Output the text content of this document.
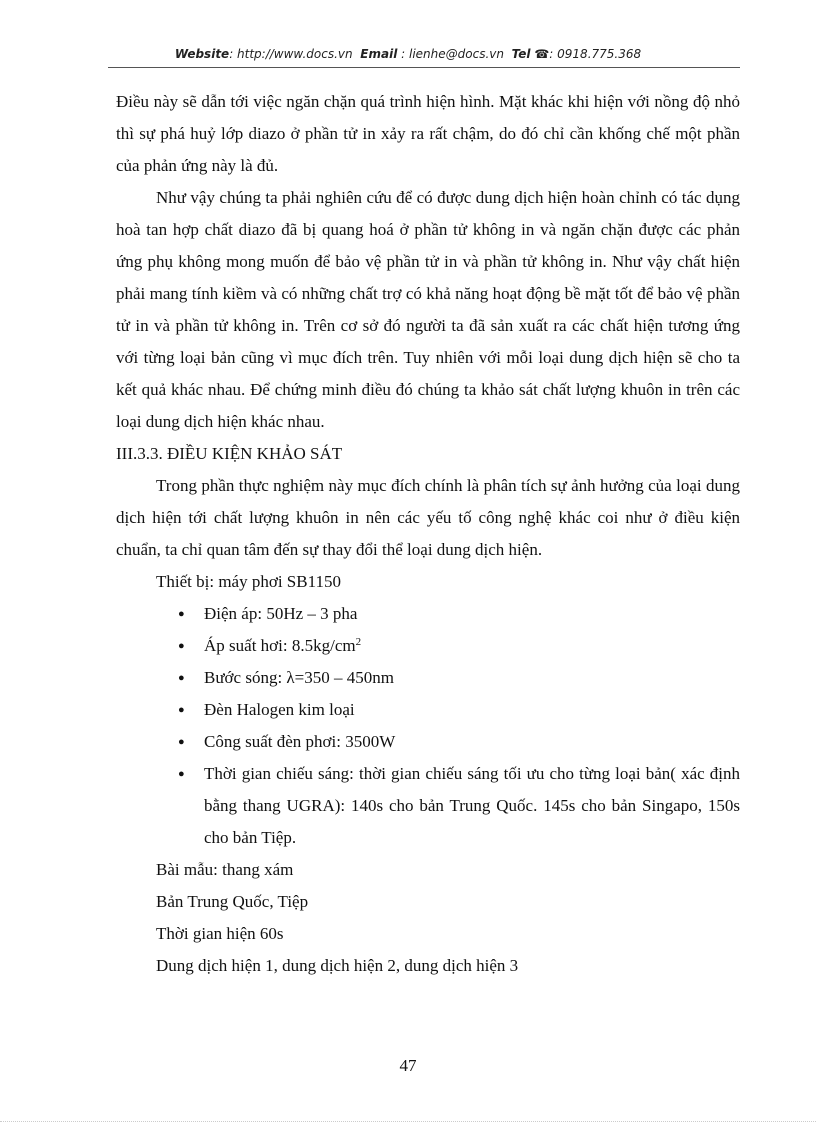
Website: http://www.docs.vn Email : lienhe@docs.vn Tel ☎: 0918.775.368

Điều này sẽ dẫn tới việc ngăn chặn quá trình hiện hình. Mặt khác khi hiện với nồng độ nhỏ thì sự phá huỷ lớp diazo ở phần tử in xảy ra rất chậm, do đó chỉ cần khống chế một phần của phản ứng này là đủ.

Như vậy chúng ta phải nghiên cứu để có được dung dịch hiện hoàn chỉnh có tác dụng hoà tan hợp chất diazo đã bị quang hoá ở phần tử không in và ngăn chặn được các phản ứng phụ không mong muốn để bảo vệ phần tử in và phần tử không in. Như vậy chất hiện phải mang tính kiềm và có những chất trợ có khả năng hoạt động bề mặt tốt để bảo vệ phần tử in và phần tử không in. Trên cơ sở đó người ta đã sản xuất ra các chất hiện tương ứng với từng loại bản cũng vì mục đích trên. Tuy nhiên với mỗi loại dung dịch hiện sẽ cho ta kết quả khác nhau. Để chứng minh điều đó chúng ta khảo sát chất lượng khuôn in trên các loại dung dịch hiện khác nhau.

III.3.3. ĐIỀU KIỆN KHẢO SÁT

Trong phần thực nghiệm này mục đích chính là phân tích sự ảnh hưởng của loại dung dịch hiện tới chất lượng khuôn in nên các yếu tố công nghệ khác coi như ở điều kiện chuẩn, ta chỉ quan tâm đến sự thay đổi thể loại dung dịch hiện.

Thiết bị: máy phơi SB1150

● Điện áp: 50Hz – 3 pha
● Áp suất hơi: $8.5kg/cm^2$
● Bước sóng: λ=350 – 450nm
● Đèn Halogen kim loại
● Công suất đèn phơi: 3500W
● Thời gian chiếu sáng: thời gian chiếu sáng tối ưu cho từng loại bản( xác định bằng thang UGRA): 140s cho bản Trung Quốc. 145s cho bản Singapo, 150s cho bản Tiệp.

Bài mẫu: thang xám

Bản Trung Quốc, Tiệp

Thời gian hiện 60s

Dung dịch hiện 1, dung dịch hiện 2, dung dịch hiện 3

47
